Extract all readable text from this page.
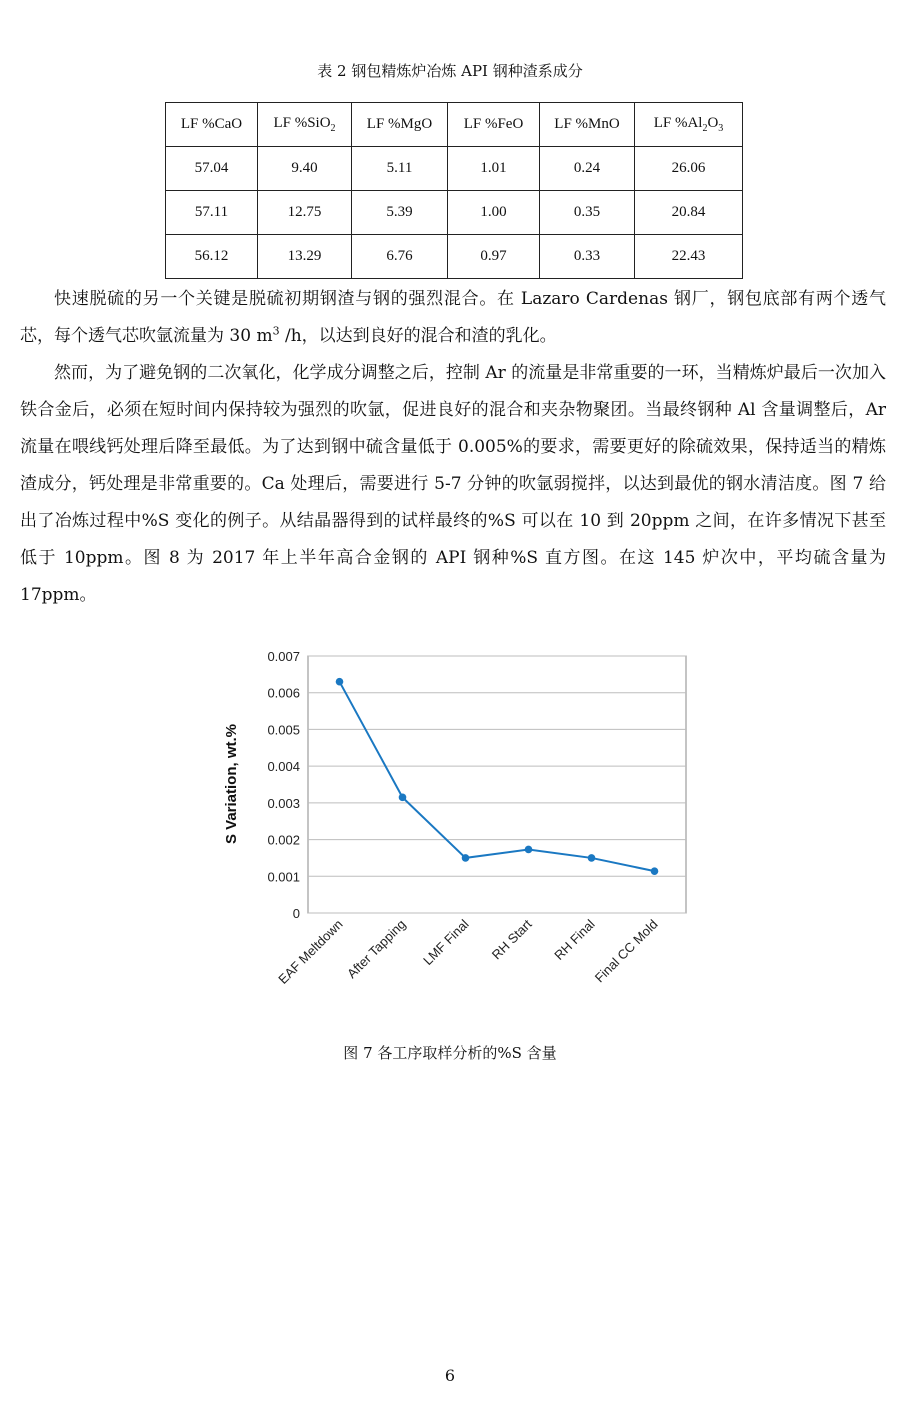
表 2 钢包精炼炉冶炼 API 钢种渣系成分
LF %CaO	LF %SiO$_2$	LF %MgO	LF %FeO	LF %MnO	LF $\%Al_2O_3$
57.04	9.40	5.11	1.01	0.24	26.06
57.11	12.75	5.39	1.00	0.35	20.84
56.12	13.29	6.76	0.97	0.33	22.43

快速脱硫的另一个关键是脱硫初期钢渣与钢的强烈混合。在 Lazaro Cardenas 钢厂，钢包底部有两个透气芯，每个透气芯吹氩流量为 30 $m^3$ /h，以达到良好的混合和渣的乳化。

然而，为了避免钢的二次氧化，化学成分调整之后，控制 Ar 的流量是非常重要的一环，当精炼炉最后一次加入铁合金后，必须在短时间内保持较为强烈的吹氩，促进良好的混合和夹杂物聚团。当最终钢种 Al 含量调整后，Ar 流量在喂线钙处理后降至最低。为了达到钢中硫含量低于 0.005%的要求，需要更好的除硫效果，保持适当的精炼渣成分，钙处理是非常重要的。Ca 处理后，需要进行 5-7 分钟的吹氩弱搅拌，以达到最优的钢水清洁度。图 7 给出了冶炼过程中%S 变化的例子。从结晶器得到的试样最终的%S 可以在 10 到 20ppm 之间，在许多情况下甚至低于 10ppm。图 8 为 2017 年上半年高合金钢的 API 钢种%S 直方图。在这 145 炉次中，平均硫含量为 17ppm。

0
0.001
0.002
0.003
0.004
0.005
0.006
0.007
EAF Meltdown
After Tapping LMF Final RH Start RH Final
Final CC Mold
S Variation, wt.%
图 7 各工序取样分析的%S 含量
6
